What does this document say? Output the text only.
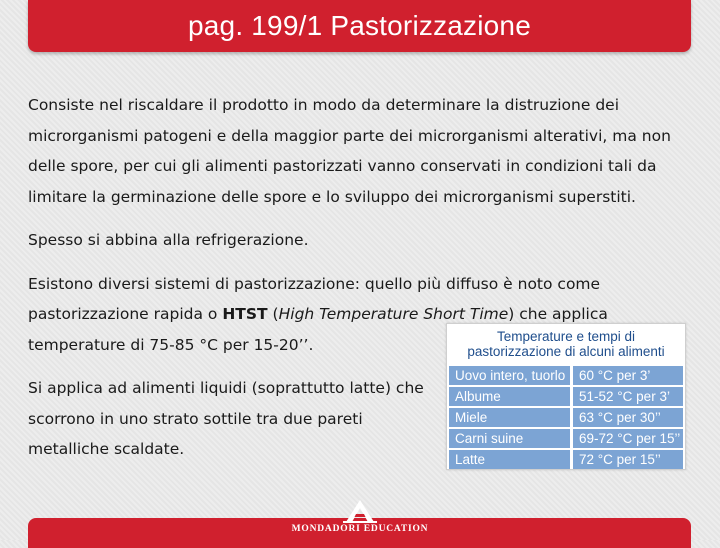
pag. 199/1 Pastorizzazione

Consiste nel riscaldare il prodotto in modo da determinare la distruzione dei microrganismi patogeni e della maggior parte dei microrganismi alterativi, ma non delle spore, per cui gli alimenti pastorizzati vanno conservati in condizioni tali da limitare la germinazione delle spore e lo sviluppo dei microrganismi superstiti.

Spesso si abbina alla refrigerazione.

Esistono diversi sistemi di pastorizzazione: quello più diffuso è noto come pastorizzazione rapida o HTST (High Temperature Short Time) che applica temperature di 75-85 °C per 15-20’’.

Si applica ad alimenti liquidi (soprattutto latte) che scorrono in uno strato sottile tra due pareti metalliche scaldate.

Temperature e tempi di
pastorizzazione di alcuni alimenti
Uovo intero, tuorlo	60 °C per 3’
Albume	51-52 °C per 3’
Miele	63 °C per 30’’
Carni suine	69-72 °C per 15’’
Latte	72 °C per 15’’
MONDADORI EDUCATION
